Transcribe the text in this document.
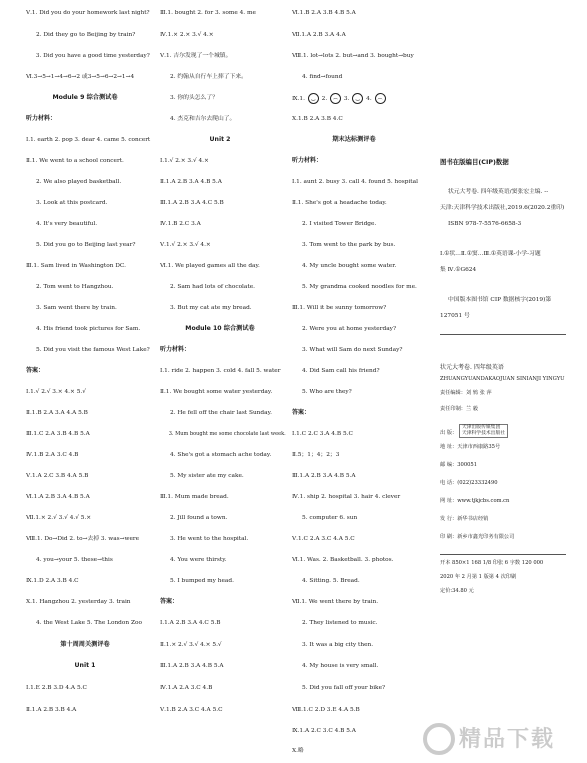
Ⅴ.1. Did you do your homework last night?
2. Did they go to Beijing by train?
3. Did you have a good time yesterday?
Ⅵ.3→5→1→4→6→2 或3→5→6→2→1→4
Module 9 综合测试卷
听力材料：
Ⅰ.1. earth 2. pop 3. dear 4. came 5. concert
Ⅱ.1. We went to a school concert.
2. We also played basketball.
3. Look at this postcard.
4. It's very beautiful.
5. Did you go to Beijing last year?
Ⅲ.1. Sam lived in Washington DC.
2. Tom went to Hangzhou.
3. Sam went there by train.
4. His friend took pictures for Sam.
5. Did you visit the famous West Lake?
答案：
Ⅰ.1.√ 2.√ 3.× 4.× 5.√
Ⅱ.1.B 2.A 3.A 4.A 5.B
Ⅲ.1.C 2.A 3.B 4.B 5.A
Ⅳ.1.B 2.A 3.C 4.B
Ⅴ.1.A 2.C 3.B 4.A 5.B
Ⅵ.1.A 2.B 3.A 4.B 5.A
Ⅶ.1.× 2.√ 3.√ 4.√ 5.×
Ⅷ.1. Do→Did 2. to→去掉 3. was→were
4. you→your 5. these→this
Ⅸ.1.D 2.A 3.B 4.C
Ⅹ.1. Hangzhou 2. yesterday 3. train
4. the West Lake 5. The London Zoo
第十周周关测评卷
Unit 1
Ⅰ.1.E 2.B 3.D 4.A 5.C
Ⅱ.1.A 2.B 3.B 4.A
Ⅲ.1. bought 2. for 3. some 4. me
Ⅳ.1.× 2.× 3.√ 4.×
Ⅴ.1. 吉尔发现了一个城镇。
2. 约翰从自行车上摔了下来。
3. 你的头怎么了？
4. 杰克和吉尔去爬山了。
Unit 2
Ⅰ.1.√ 2.× 3.√ 4.×
Ⅱ.1.A 2.B 3.A 4.B 5.A
Ⅲ.1.A 2.B 3.A 4.C 5.B
Ⅳ.1.B 2.C 3.A
Ⅴ.1.√ 2.× 3.√ 4.×
Ⅵ.1. We played games all the day.
2. Sam had lots of chocolate.
3. But my cat ate my bread.
Module 10 综合测试卷
听力材料：
Ⅰ.1. ride 2. happen 3. cold 4. fall 5. water
Ⅱ.1. We bought some water yesterday.
2. He fell off the chair last Sunday.
3. Mum bought me some chocolate last week.
4. She's got a stomach ache today.
5. My sister ate my cake.
Ⅲ.1. Mum made bread.
2. Jill found a town.
3. He went to the hospital.
4. You were thirsty.
5. I bumped my head.
答案：
Ⅰ.1.A 2.B 3.A 4.C 5.B
Ⅱ.1.× 2.√ 3.√ 4.× 5.√
Ⅲ.1.A 2.B 3.A 4.B 5.A
Ⅳ.1.A 2.A 3.C 4.B
Ⅴ.1.B 2.A 3.C 4.A 5.C
Ⅵ.1.B 2.A 3.B 4.B 5.A
Ⅶ.1.A 2.B 3.A 4.A
Ⅷ.1. lot→lots 2. but→and 3. bought→buy
4. find→found
Ⅸ.1. ‿ 2. ︵ 3. ‿ 4. ︵
Ⅹ.1.B 2.A 3.B 4.C
期末达标测评卷
听力材料：
Ⅰ.1. aunt 2. busy 3. call 4. found 5. hospital
Ⅱ.1. She's got a headache today.
2. I visited Tower Bridge.
3. Tom went to the park by bus.
4. My uncle bought some water.
5. My grandma cooked noodles for me.
Ⅲ.1. Will it be sunny tomorrow?
2. Were you at home yesterday?
3. What will Sam do next Sunday?
4. Did Sam call his friend?
5. Who are they?
答案：
Ⅰ.1.C 2.C 3.A 4.B 5.C
Ⅱ.5；1；4；2；3
Ⅲ.1.A 2.B 3.A 4.B 5.A
Ⅳ.1. ship 2. hospital 3. hair 4. clever
5. computer 6. sun
Ⅴ.1.C 2.A 3.C 4.A 5.C
Ⅵ.1. Was. 2. Basketball. 3. photos.
4. Sitting. 5. Bread.
Ⅶ.1. We went there by train.
2. They listened to music.
3. It was a big city then.
4. My house is very small.
5. Did you fall off your bike?
Ⅷ.1.C 2.D 3.E 4.A 5.B
Ⅸ.1.A 2.C 3.C 4.B 5.A
Ⅹ.略
图书在版编目(CIP)数据
状元大考卷. 四年级英语/窦张宏主编. --
天津:天津科学技术出版社,2019.6(2020.2重印)
ISBN 978-7-5576-6658-3
Ⅰ.①状…Ⅱ.①窦…Ⅲ.①英语课-小学-习题
集 Ⅳ.①G624
中国版本图书馆 CIP 数据核字(2019)第
127051 号
状元大考卷. 四年级英语
ZHUANGYUANDAKAOJUAN SINIANJI YINGYU
责任编辑：刘 鸫 张 萍
责任印制：兰 毅
出 版： 天津出版传媒集团
天津科学技术出版社
地 址：天津市西康路35号
邮 编：300051
电 话：(022)23332490
网 址：www.tjkjcbs.com.cn
发 行：新华书店经销
印 刷：新乡市鑫光印务有限公司
开本 850×1 168 1/8 印张 6 字数 120 000
2020 年 2 月第 1 版第 4 次印刷
定价:34.80 元
精品下载
